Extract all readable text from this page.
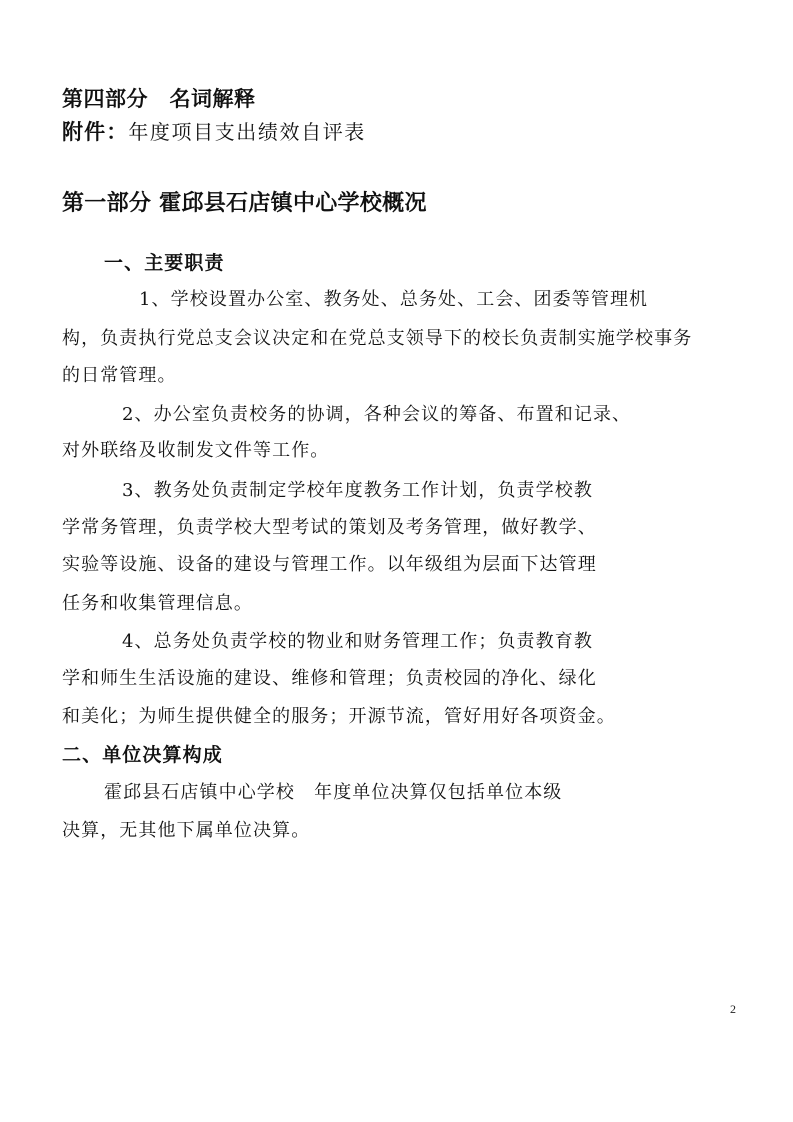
第四部分　名词解释
附件：年度项目支出绩效自评表
第一部分 霍邱县石店镇中心学校概况
一、主要职责
1、学校设置办公室、教务处、总务处、工会、团委等管理机
构，负责执行党总支会议决定和在党总支领导下的校长负责制实施学校事务
的日常管理。
2、办公室负责校务的协调，各种会议的筹备、布置和记录、
对外联络及收制发文件等工作。
3、教务处负责制定学校年度教务工作计划，负责学校教
学常务管理，负责学校大型考试的策划及考务管理，做好教学、
实验等设施、设备的建设与管理工作。以年级组为层面下达管理
任务和收集管理信息。
4、总务处负责学校的物业和财务管理工作；负责教育教
学和师生生活设施的建设、维修和管理；负责校园的净化、绿化
和美化；为师生提供健全的服务；开源节流，管好用好各项资金。
二、单位决算构成
霍邱县石店镇中心学校　年度单位决算仅包括单位本级
决算，无其他下属单位决算。
2
